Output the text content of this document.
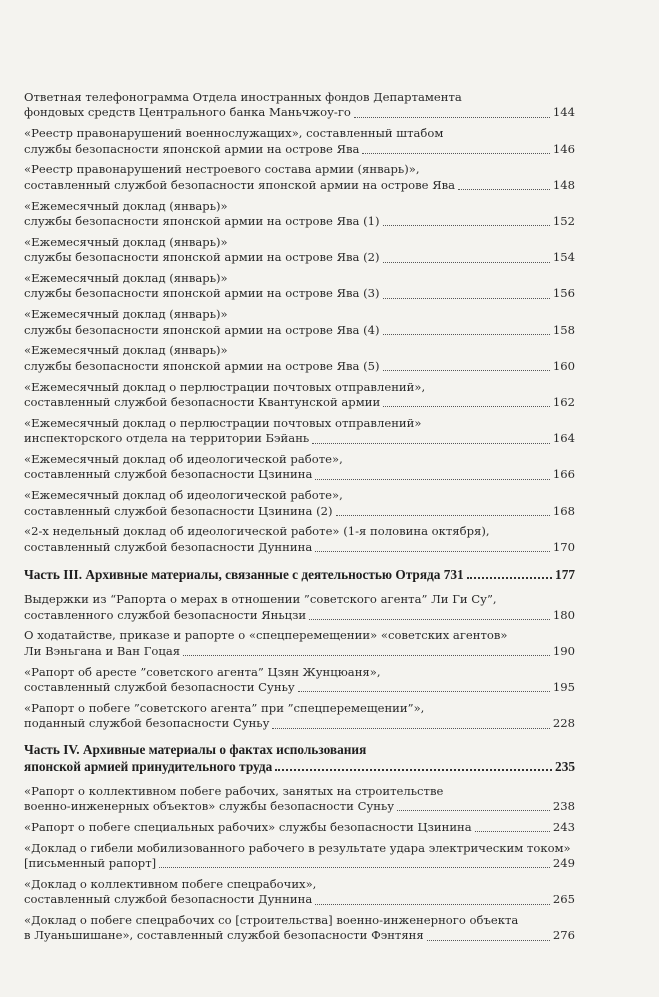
Ответная телефонограмма Отдела иностранных фондов Департамента
фондовых средств Центрального банка Маньчжоу-го	144
«Реестр правонарушений военнослужащих», составленный штабом
службы безопасности японской армии на острове Ява	146
«Реестр правонарушений нестроевого состава армии (январь)»,
составленный службой безопасности японской армии на острове Ява	148
«Ежемесячный доклад (январь)»
службы безопасности японской армии на острове Ява (1)	152
«Ежемесячный доклад (январь)»
службы безопасности японской армии на острове Ява (2)	154
«Ежемесячный доклад (январь)»
службы безопасности японской армии на острове Ява (3)	156
«Ежемесячный доклад (январь)»
службы безопасности японской армии на острове Ява (4)	158
«Ежемесячный доклад (январь)»
службы безопасности японской армии на острове Ява (5)	160
«Ежемесячный доклад о перлюстрации почтовых отправлений»,
составленный службой безопасности Квантунской армии	162
«Ежемесячный доклад о перлюстрации почтовых отправлений»
инспекторского отдела на территории Бэйань	164
«Ежемесячный доклад об идеологической работе»,
составленный службой безопасности Цзинина	166
«Ежемесячный доклад об идеологической работе»,
составленный службой безопасности Цзинина (2)	168
«2-х недельный доклад об идеологической работе» (1-я половина октября),
составленный службой безопасности Дуннина	170
Часть III. Архивные материалы, связанные с деятельностью Отряда 731	177
Выдержки из “Рапорта о мерах в отношении ”советского агента” Ли Ги Су”,
составленного службой безопасности Яньцзи	180
О ходатайстве, приказе и рапорте о «спецперемещении» «советских агентов»
Ли Вэньгана и Ван Гоцая	190
«Рапорт об аресте ”советского агента” Цзян Жунцюаня»,
составленный службой безопасности Суньу	195
«Рапорт о побеге ”советского агента” при ”спецперемещении”»,
поданный службой безопасности Суньу	228
Часть IV. Архивные материалы о фактах использования
японской армией принудительного труда	235
«Рапорт о коллективном побеге рабочих, занятых на строительстве
военно-инженерных объектов» службы безопасности Суньу	238
«Рапорт о побеге специальных рабочих» службы безопасности Цзинина	243
«Доклад о гибели мобилизованного рабочего в результате удара электрическим током»
[письменный рапорт]	249
«Доклад о коллективном побеге спецрабочих»,
составленный службой безопасности Дуннина	265
«Доклад о побеге спецрабочих со [строительства] военно-инженерного объекта
в Луаньшишане», составленный службой безопасности Фэнтяня	276
